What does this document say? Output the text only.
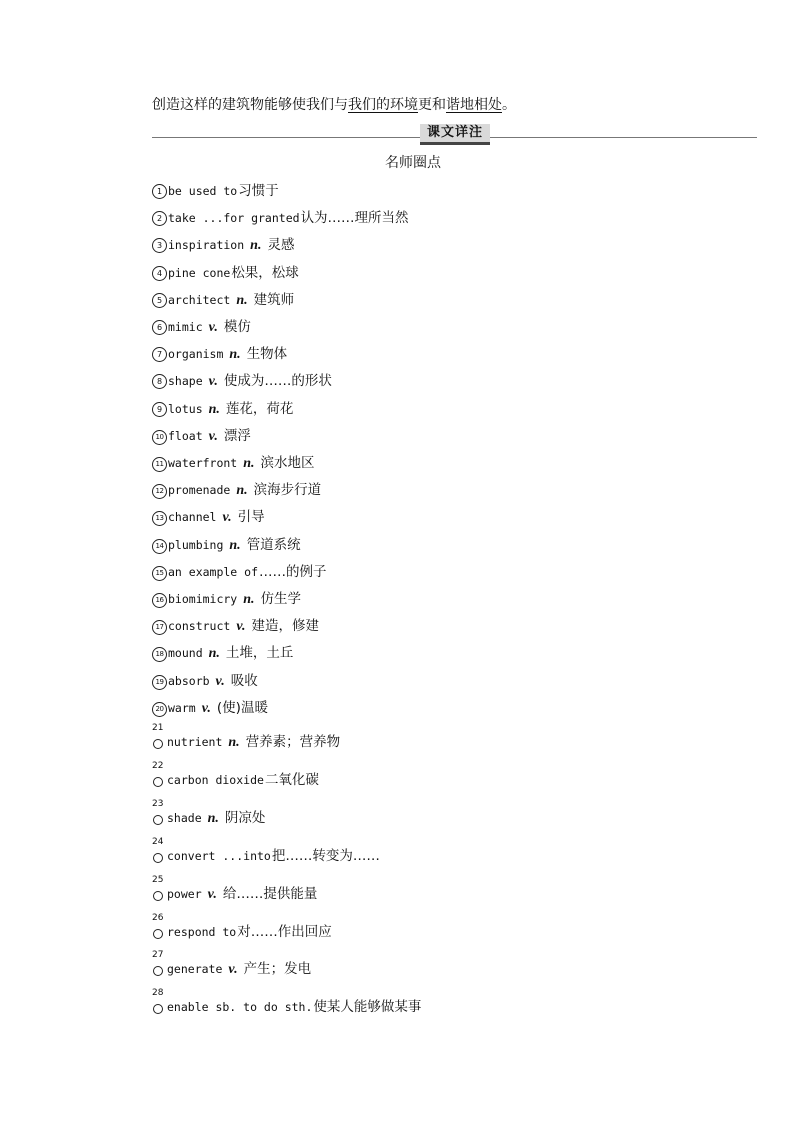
创造这样的建筑物能够使我们与我们的环境更和谐地相处。
课文详注
名师圈点
1 be used to习惯于
2 take ...for granted认为……理所当然
3 inspiration n. 灵感
4 pine cone松果，松球
5 architect n. 建筑师
6 mimic v. 模仿
7 organism n. 生物体
8 shape v. 使成为……的形状
9 lotus n. 莲花，荷花
10 float v. 漂浮
11 waterfront n. 滨水地区
12 promenade n. 滨海步行道
13 channel v. 引导
14 plumbing n. 管道系统
15 an example of……的例子
16 biomimicry n. 仿生学
17 construct v. 建造，修建
18 mound n. 土堆，土丘
19 absorb v. 吸收
20 warm v. (使)温暖
21
nutrient n. 营养素；营养物
22
carbon dioxide二氧化碳
23
shade n. 阴凉处
24
convert ...into把……转变为……
25
power v. 给……提供能量
26
respond to对……作出回应
27
generate v. 产生；发电
28
enable sb. to do sth.使某人能够做某事
